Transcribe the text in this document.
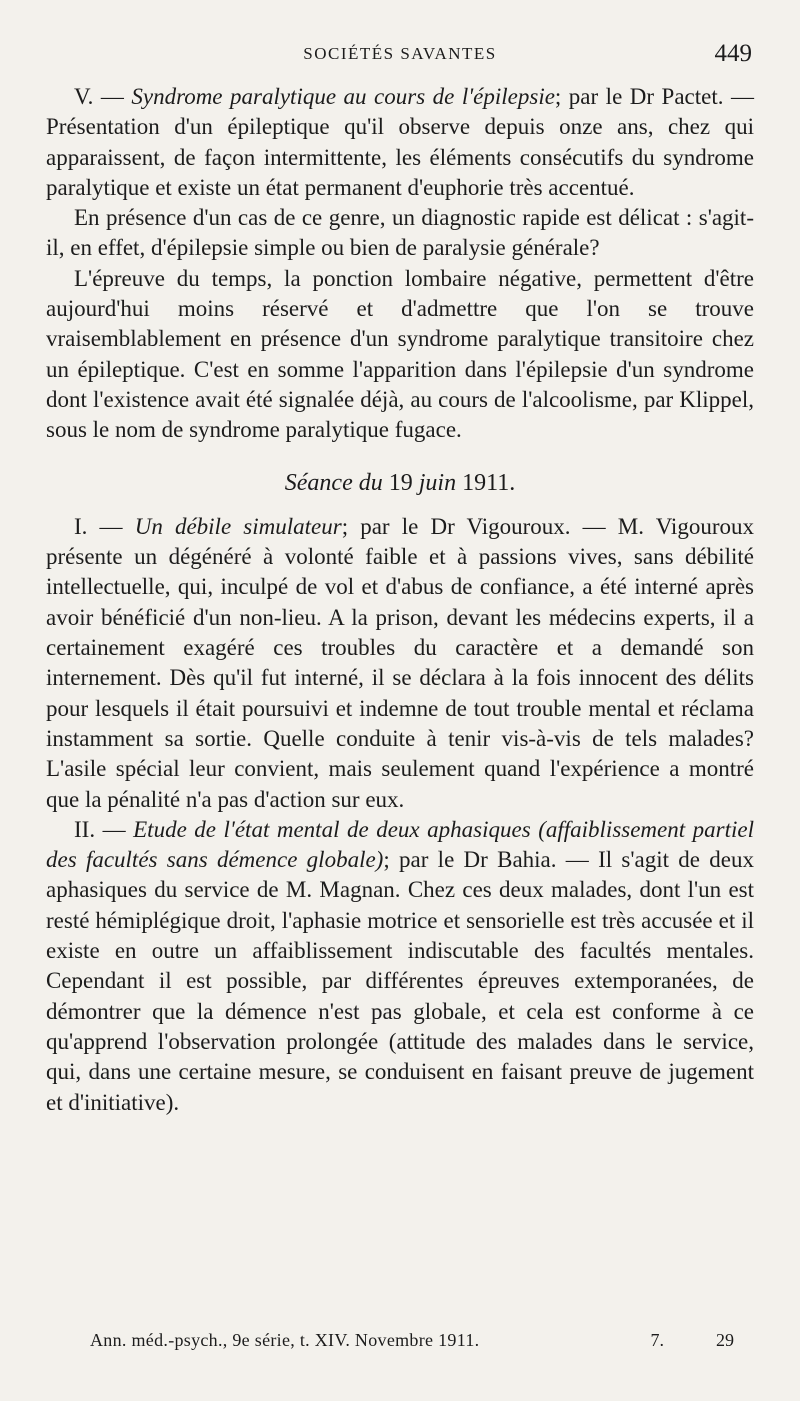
SOCIÉTÉS SAVANTES	449

V. — Syndrome paralytique au cours de l'épilepsie; par le Dr Pactet. — Présentation d'un épileptique qu'il observe depuis onze ans, chez qui apparaissent, de façon intermittente, les éléments consécutifs du syndrome paralytique et existe un état permanent d'euphorie très accentué.

En présence d'un cas de ce genre, un diagnostic rapide est délicat : s'agit-il, en effet, d'épilepsie simple ou bien de paralysie générale?

L'épreuve du temps, la ponction lombaire négative, permettent d'être aujourd'hui moins réservé et d'admettre que l'on se trouve vraisemblablement en présence d'un syndrome paralytique transitoire chez un épileptique. C'est en somme l'apparition dans l'épilepsie d'un syndrome dont l'existence avait été signalée déjà, au cours de l'alcoolisme, par Klippel, sous le nom de syndrome paralytique fugace.

Séance du 19 juin 1911.

I. — Un débile simulateur; par le Dr Vigouroux. — M. Vigouroux présente un dégénéré à volonté faible et à passions vives, sans débilité intellectuelle, qui, inculpé de vol et d'abus de confiance, a été interné après avoir bénéficié d'un non-lieu. A la prison, devant les médecins experts, il a certainement exagéré ces troubles du caractère et a demandé son internement. Dès qu'il fut interné, il se déclara à la fois innocent des délits pour lesquels il était poursuivi et indemne de tout trouble mental et réclama instamment sa sortie. Quelle conduite à tenir vis-à-vis de tels malades? L'asile spécial leur convient, mais seulement quand l'expérience a montré que la pénalité n'a pas d'action sur eux.

II. — Etude de l'état mental de deux aphasiques (affaiblissement partiel des facultés sans démence globale); par le Dr Bahia. — Il s'agit de deux aphasiques du service de M. Magnan. Chez ces deux malades, dont l'un est resté hémiplégique droit, l'aphasie motrice et sensorielle est très accusée et il existe en outre un affaiblissement indiscutable des facultés mentales. Cependant il est possible, par différentes épreuves extemporanées, de démontrer que la démence n'est pas globale, et cela est conforme à ce qu'apprend l'observation prolongée (attitude des malades dans le service, qui, dans une certaine mesure, se conduisent en faisant preuve de jugement et d'initiative).

Ann. méd.-psych., 9e série, t. XIV. Novembre 1911.	7.	29
